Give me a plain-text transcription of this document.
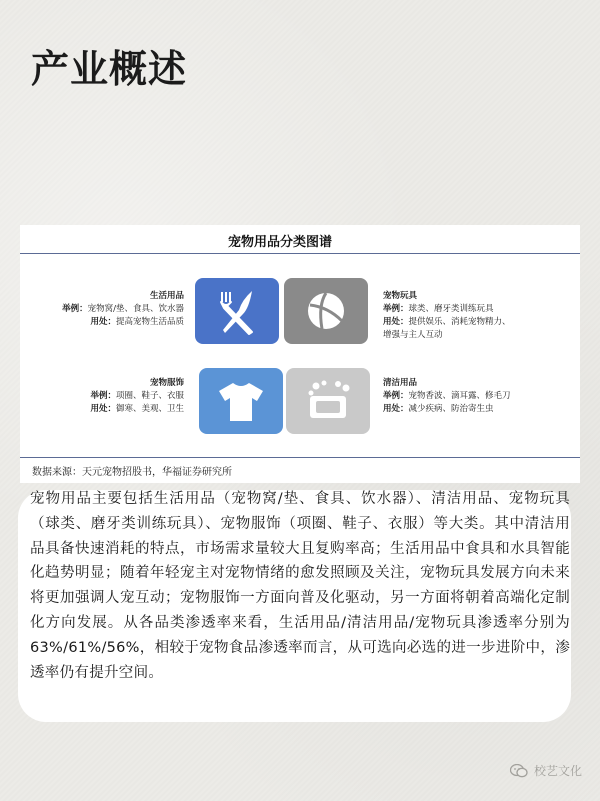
产业概述
宠物用品分类图谱
生活用品
举例：宠物窝/垫、食具、饮水器
用处：提高宠物生活品质
宠物玩具
举例：球类、磨牙类训练玩具
用处：提供娱乐、消耗宠物精力、
增强与主人互动
宠物服饰
举例：项圈、鞋子、衣服
用处：御寒、美观、卫生
清洁用品
举例：宠物香波、滴耳露、修毛刀
用处：减少疾病、防治寄生虫
数据来源：天元宠物招股书，华福证券研究所
宠物用品主要包括生活用品（宠物窝/垫、食具、饮水器）、清洁用品、宠物玩具（球类、磨牙类训练玩具）、宠物服饰（项圈、鞋子、衣服）等大类。其中清洁用品具备快速消耗的特点，市场需求量较大且复购率高；生活用品中食具和水具智能化趋势明显；随着年轻宠主对宠物情绪的愈发照顾及关注，宠物玩具发展方向未来将更加强调人宠互动；宠物服饰一方面向普及化驱动，另一方面将朝着高端化定制化方向发展。从各品类渗透率来看，生活用品/清洁用品/宠物玩具渗透率分别为63%/61%/56%，相较于宠物食品渗透率而言，从可选向必选的进一步进阶中，渗透率仍有提升空间。
校艺文化
